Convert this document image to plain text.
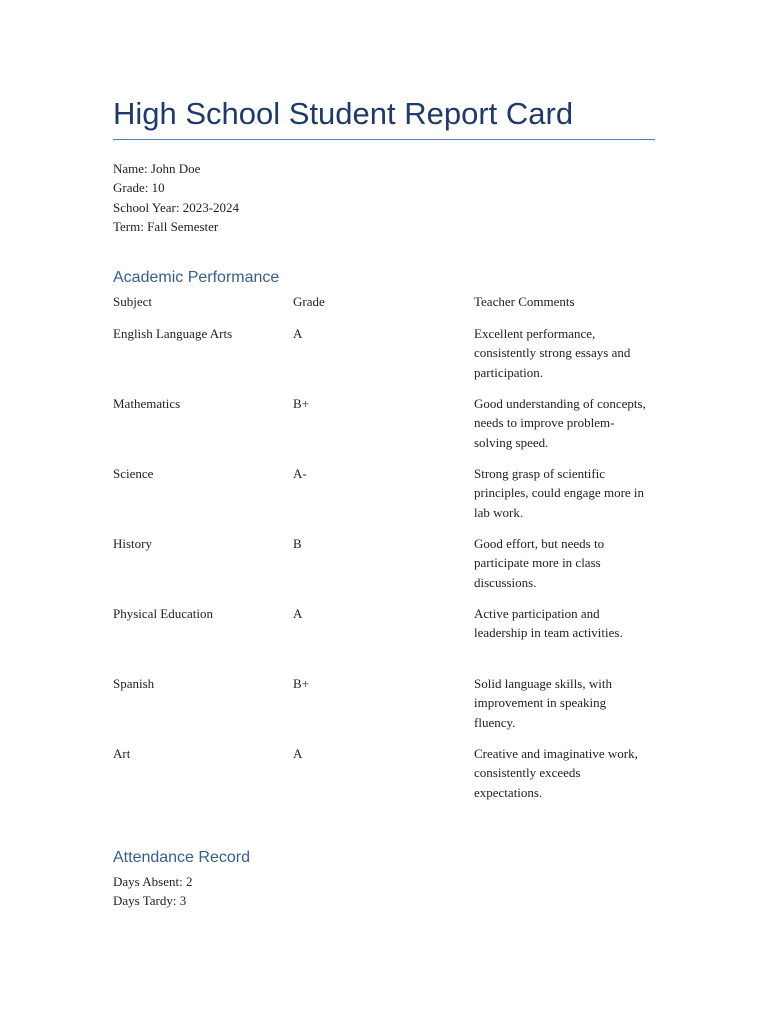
High School Student Report Card
Name: John Doe
Grade: 10
School Year: 2023-2024
Term: Fall Semester
Academic Performance
Subject	Grade	Teacher Comments
English Language Arts	A	Excellent performance, consistently strong essays and participation.
Mathematics	B+	Good understanding of concepts, needs to improve problem-solving speed.
Science	A-	Strong grasp of scientific principles, could engage more in lab work.
History	B	Good effort, but needs to participate more in class discussions.
Physical Education	A	Active participation and leadership in team activities.
Spanish	B+	Solid language skills, with improvement in speaking fluency.
Art	A	Creative and imaginative work, consistently exceeds expectations.
Attendance Record
Days Absent: 2
Days Tardy: 3
